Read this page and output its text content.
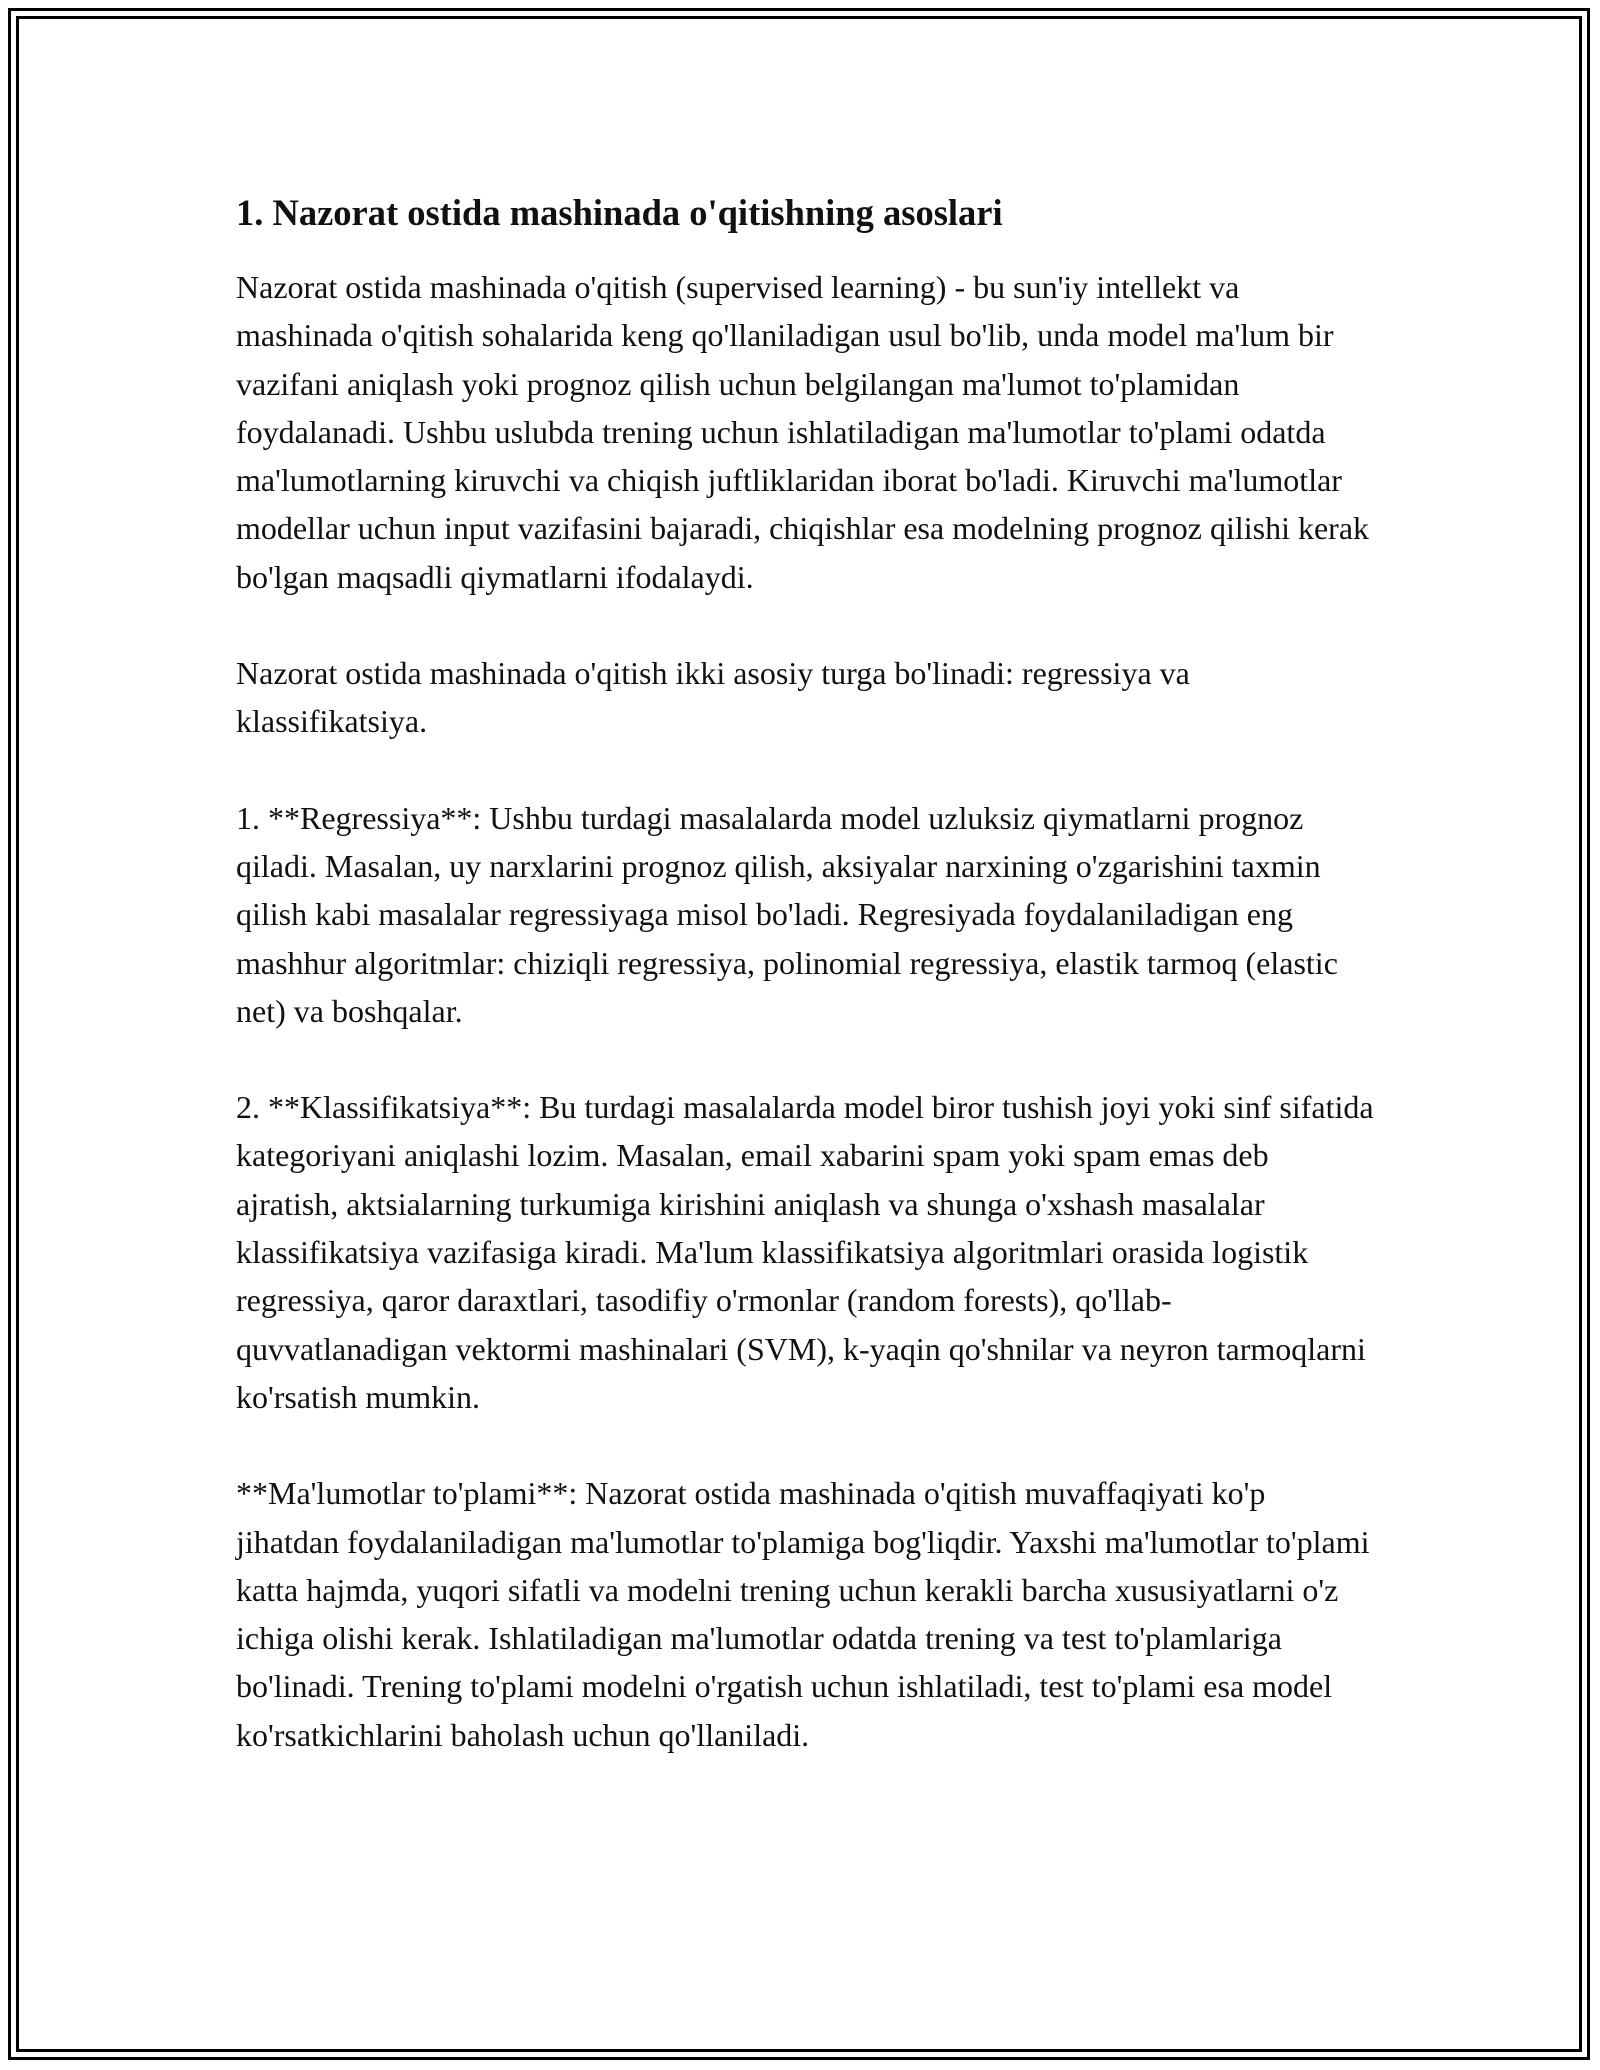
1. Nazorat ostida mashinada o'qitishning asoslari

Nazorat ostida mashinada o'qitish (supervised learning) - bu sun'iy intellekt va mashinada o'qitish sohalarida keng qo'llaniladigan usul bo'lib, unda model ma'lum bir vazifani aniqlash yoki prognoz qilish uchun belgilangan ma'lumot to'plamidan foydalanadi. Ushbu uslubda trening uchun ishlatiladigan ma'lumotlar to'plami odatda ma'lumotlarning kiruvchi va chiqish juftliklaridan iborat bo'ladi. Kiruvchi ma'lumotlar modellar uchun input vazifasini bajaradi, chiqishlar esa modelning prognoz qilishi kerak bo'lgan maqsadli qiymatlarni ifodalaydi.

Nazorat ostida mashinada o'qitish ikki asosiy turga bo'linadi: regressiya va klassifikatsiya.

1. **Regressiya**: Ushbu turdagi masalalarda model uzluksiz qiymatlarni prognoz qiladi. Masalan, uy narxlarini prognoz qilish, aksiyalar narxining o'zgarishini taxmin qilish kabi masalalar regressiyaga misol bo'ladi. Regresiyada foydalaniladigan eng mashhur algoritmlar: chiziqli regressiya, polinomial regressiya, elastik tarmoq (elastic net) va boshqalar.

2. **Klassifikatsiya**: Bu turdagi masalalarda model biror tushish joyi yoki sinf sifatida kategoriyani aniqlashi lozim. Masalan, email xabarini spam yoki spam emas deb ajratish, aktsialarning turkumiga kirishini aniqlash va shunga o'xshash masalalar klassifikatsiya vazifasiga kiradi. Ma'lum klassifikatsiya algoritmlari orasida logistik regressiya, qaror daraxtlari, tasodifiy o'rmonlar (random forests), qo'llab-quvvatlanadigan vektormi mashinalari (SVM), k-yaqin qo'shnilar va neyron tarmoqlarni ko'rsatish mumkin.

**Ma'lumotlar to'plami**: Nazorat ostida mashinada o'qitish muvaffaqiyati ko'p jihatdan foydalaniladigan ma'lumotlar to'plamiga bog'liqdir. Yaxshi ma'lumotlar to'plami katta hajmda, yuqori sifatli va modelni trening uchun kerakli barcha xususiyatlarni o'z ichiga olishi kerak. Ishlatiladigan ma'lumotlar odatda trening va test to'plamlariga bo'linadi. Trening to'plami modelni o'rgatish uchun ishlatiladi, test to'plami esa model ko'rsatkichlarini baholash uchun qo'llaniladi.
